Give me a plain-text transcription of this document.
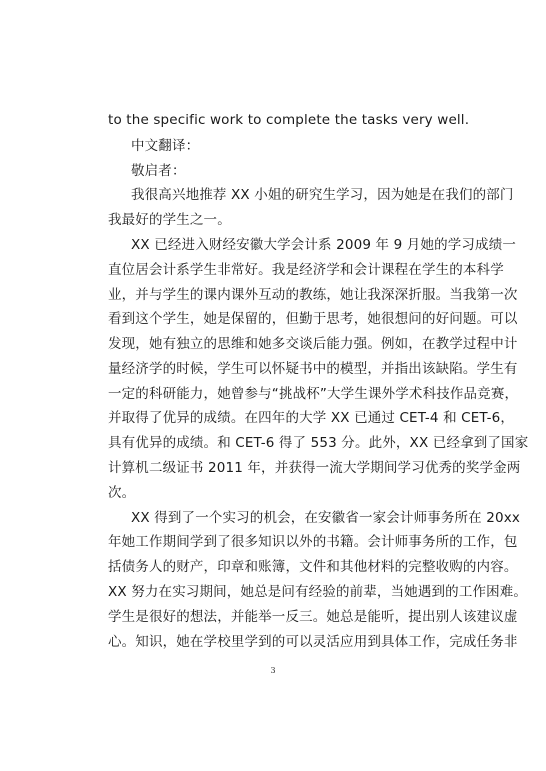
to the specific work to complete the tasks very well.
中文翻译：
敬启者：
我很高兴地推荐 XX 小姐的研究生学习，因为她是在我们的部门
我最好的学生之一。
XX 已经进入财经安徽大学会计系 2009 年 9 月她的学习成绩一
直位居会计系学生非常好。我是经济学和会计课程在学生的本科学
业，并与学生的课内课外互动的教练，她让我深深折服。当我第一次
看到这个学生，她是保留的，但勤于思考，她很想问的好问题。可以
发现，她有独立的思维和她多交谈后能力强。例如，在教学过程中计
量经济学的时候，学生可以怀疑书中的模型，并指出该缺陷。学生有
一定的科研能力，她曾参与“挑战杯”大学生课外学术科技作品竞赛，
并取得了优异的成绩。在四年的大学 XX 已通过 CET-4 和 CET-6，
具有优异的成绩。和 CET-6 得了 553 分。此外，XX 已经拿到了国家
计算机二级证书 2011 年，并获得一流大学期间学习优秀的奖学金两
次。
XX 得到了一个实习的机会，在安徽省一家会计师事务所在 20xx
年她工作期间学到了很多知识以外的书籍。会计师事务所的工作，包
括债务人的财产，印章和账簿，文件和其他材料的完整收购的内容。
XX 努力在实习期间，她总是问有经验的前辈，当她遇到的工作困难。
学生是很好的想法，并能举一反三。她总是能听，提出别人该建议虚
心。知识，她在学校里学到的可以灵活应用到具体工作，完成任务非
3
